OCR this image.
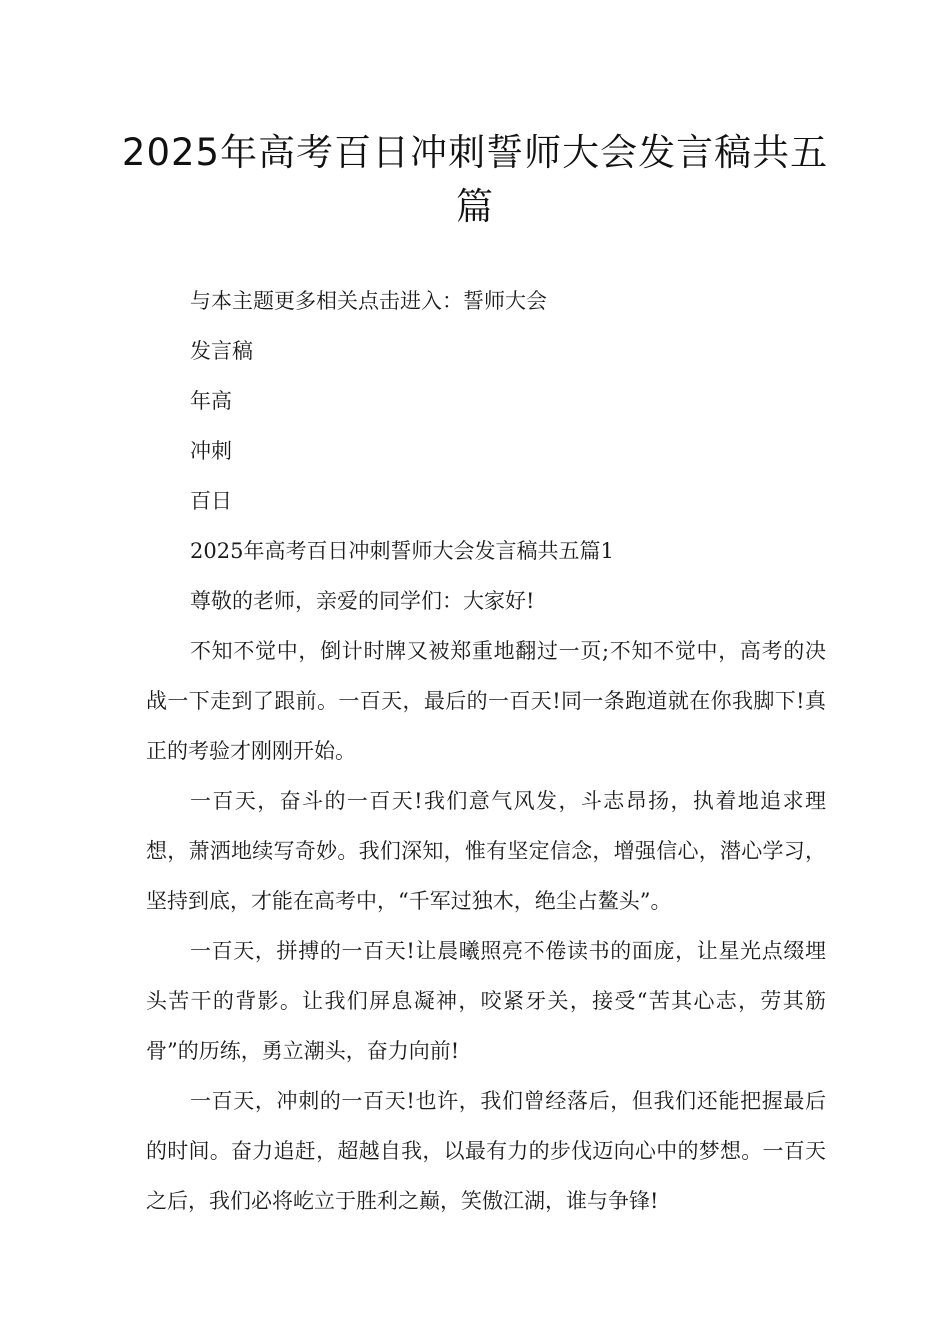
2025年高考百日冲刺誓师大会发言稿共五篇

与本主题更多相关点击进入：誓师大会

发言稿

年高

冲刺

百日

2025年高考百日冲刺誓师大会发言稿共五篇1

尊敬的老师，亲爱的同学们：大家好!

不知不觉中，倒计时牌又被郑重地翻过一页;不知不觉中，高考的决战一下走到了跟前。一百天，最后的一百天!同一条跑道就在你我脚下!真正的考验才刚刚开始。

一百天，奋斗的一百天!我们意气风发，斗志昂扬，执着地追求理想，萧洒地续写奇妙。我们深知，惟有坚定信念，增强信心，潜心学习，坚持到底，才能在高考中，“千军过独木，绝尘占鳌头”。

一百天，拼搏的一百天!让晨曦照亮不倦读书的面庞，让星光点缀埋头苦干的背影。让我们屏息凝神，咬紧牙关，接受“苦其心志，劳其筋骨”的历练，勇立潮头，奋力向前!

一百天，冲刺的一百天!也许，我们曾经落后，但我们还能把握最后的时间。奋力追赶，超越自我，以最有力的步伐迈向心中的梦想。一百天之后，我们必将屹立于胜利之巅，笑傲江湖，谁与争锋!
